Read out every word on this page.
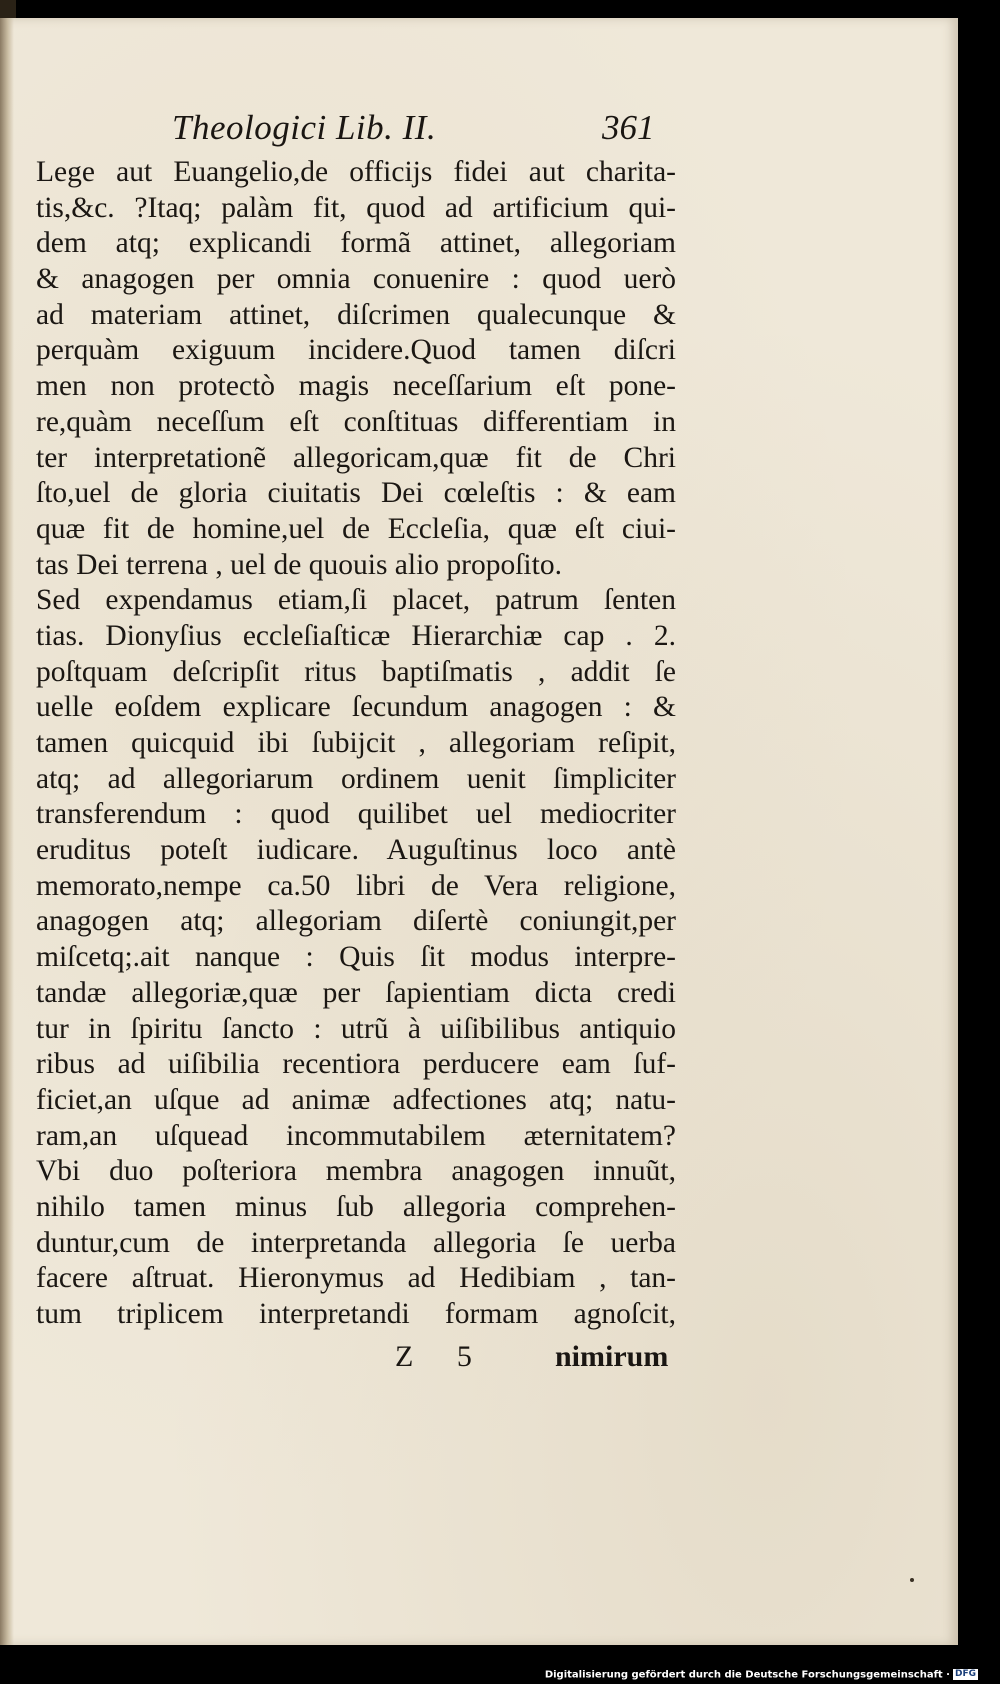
Theologici Lib. II.	361
Lege aut Euangelio,de officijs fidei aut charita-
tis,&c. ?Itaq; palàm fit, quod ad artificium qui-
dem atq; explicandi formã attinet, allegoriam
& anagogen per omnia conuenire : quod uerò
ad materiam attinet, diſcrimen qualecunque &
perquàm exiguum incidere.Quod tamen diſcri
men non protectò magis neceſſarium eſt pone-
re,quàm neceſſum eſt conſtituas differentiam in
ter interpretationẽ allegoricam,quæ fit de Chri
ſto,uel de gloria ciuitatis Dei cœleſtis : & eam
quæ fit de homine,uel de Eccleſia, quæ eſt ciui-
tas Dei terrena , uel de quouis alio propoſito.
Sed expendamus etiam,ſi placet, patrum ſenten
tias. Dionyſius eccleſiaſticæ Hierarchiæ cap . 2.
poſtquam deſcripſit ritus baptiſmatis , addit ſe
uelle eoſdem explicare ſecundum anagogen : &
tamen quicquid ibi ſubijcit , allegoriam reſipit,
atq; ad allegoriarum ordinem uenit ſimpliciter
transferendum : quod quilibet uel mediocriter
eruditus poteſt iudicare. Auguſtinus loco antè
memorato,nempe ca.50 libri de Vera religione,
anagogen atq; allegoriam diſertè coniungit,per
miſcetq;.ait nanque : Quis ſit modus interpre-
tandæ allegoriæ,quæ per ſapientiam dicta credi
tur in ſpiritu ſancto : utrũ à uiſibilibus antiquio
ribus ad uiſibilia recentiora perducere eam ſuf-
ficiet,an uſque ad animæ adfectiones atq; natu-
ram,an uſquead incommutabilem æternitatem?
Vbi duo poſteriora membra anagogen innuũt,
nihilo tamen minus ſub allegoria comprehen-
duntur,cum de interpretanda allegoria ſe uerba
facere aſtruat. Hieronymus ad Hedibiam , tan-
tum triplicem interpretandi formam agnoſcit,
Z 5 nimirum
Digitalisierung gefördert durch die Deutsche Forschungsgemeinschaft · DFG
